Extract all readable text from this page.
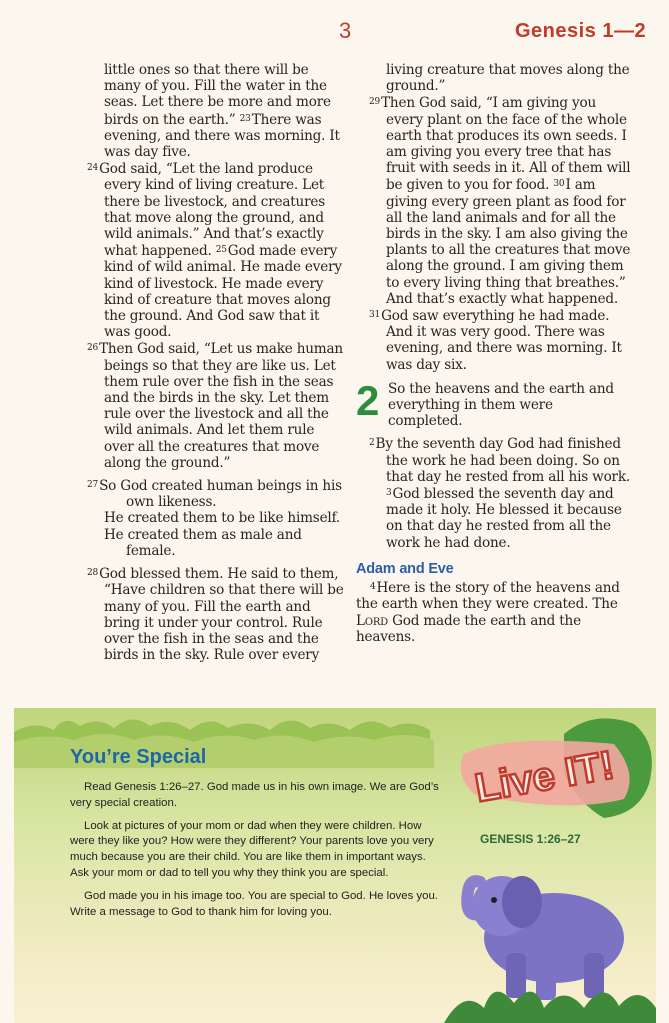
3	Genesis 1—2

little ones so that there will be many of you. Fill the water in the seas. Let there be more and more birds on the earth.” $^{23}$There was evening, and there was morning. It was day five.

$^{24}$God said, “Let the land produce every kind of living creature. Let there be livestock, and creatures that move along the ground, and wild animals.” And that’s exactly what happened. $^{25}$God made every kind of wild animal. He made every kind of livestock. He made every kind of creature that moves along the ground. And God saw that it was good.

$^{26}$Then God said, “Let us make human beings so that they are like us. Let them rule over the fish in the seas and the birds in the sky. Let them rule over the livestock and all the wild animals. And let them rule over all the creatures that move along the ground.”

$^{27}$So God created human beings in his
own likeness.
He created them to be like himself.
He created them as male and
female.

$^{28}$God blessed them. He said to them, “Have children so that there will be many of you. Fill the earth and bring it under your control. Rule over the fish in the seas and the birds in the sky. Rule over every

living creature that moves along the ground.”

$^{29}$Then God said, “I am giving you every plant on the face of the whole earth that produces its own seeds. I am giving you every tree that has fruit with seeds in it. All of them will be given to you for food. $^{30}$I am giving every green plant as food for all the land animals and for all the birds in the sky. I am also giving the plants to all the creatures that move along the ground. I am giving them to every living thing that breathes.” And that’s exactly what happened.

$^{31}$God saw everything he had made. And it was very good. There was evening, and there was morning. It was day six.

2 So the heavens and the earth and everything in them were completed.

$^2$By the seventh day God had finished the work he had been doing. So on that day he rested from all his work. $^3$God blessed the seventh day and made it holy. He blessed it because on that day he rested from all the work he had done.

Adam and Eve

$^4$Here is the story of the heavens and the earth when they were created. The Lord God made the earth and the heavens.

You’re Special

Read Genesis 1:26–27. God made us in his own image. We are God’s very special creation.

Look at pictures of your mom or dad when they were children. How were they like you? How were they different? Your parents love you very much because you are their child. You are like them in important ways. Ask your mom or dad to tell you why they think you are special.

God made you in his image too. You are special to God. He loves you. Write a message to God to thank him for loving you.

Live IT!
GENESIS 1:26–27
